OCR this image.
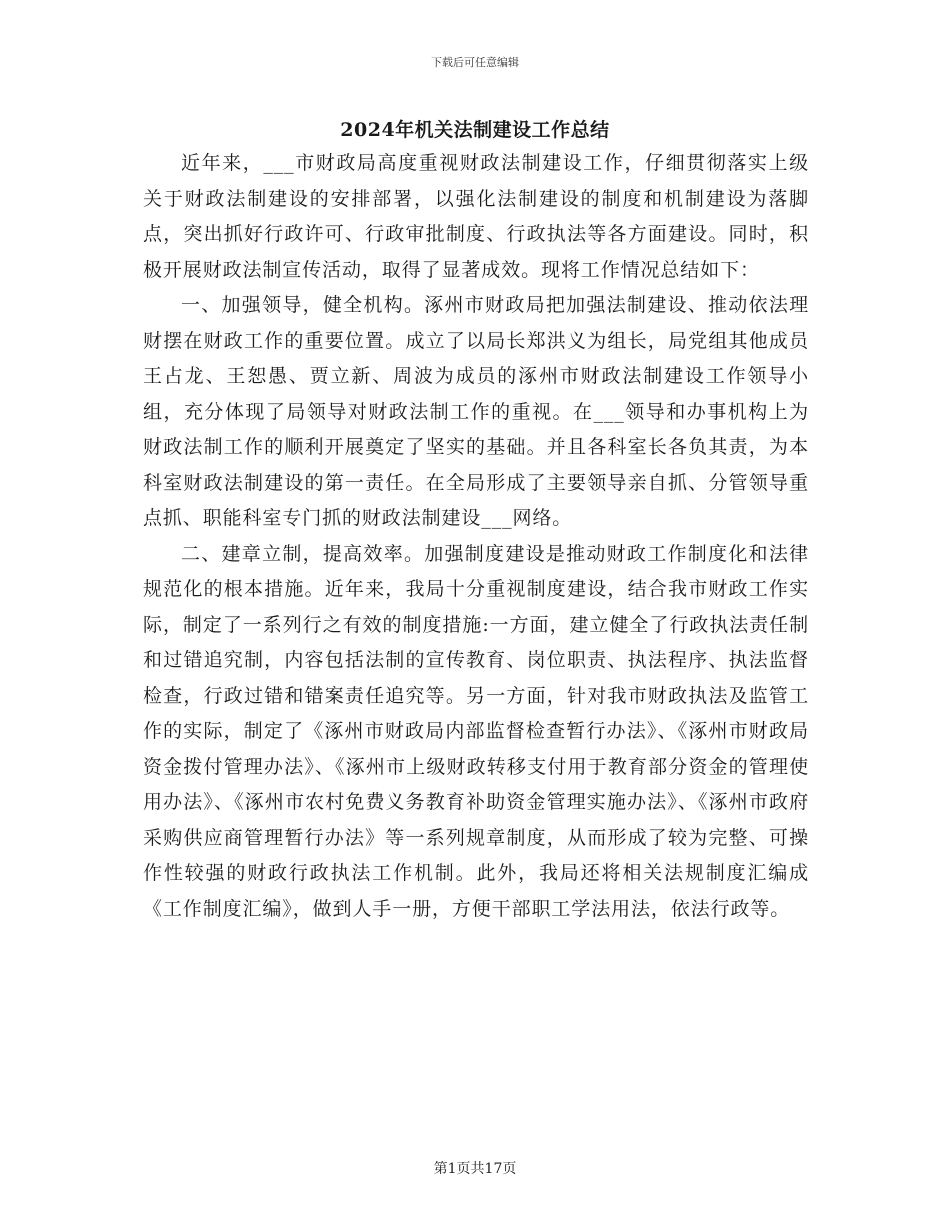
下载后可任意编辑
2024年机关法制建设工作总结

近年来，___市财政局高度重视财政法制建设工作，仔细贯彻落实上级关于财政法制建设的安排部署，以强化法制建设的制度和机制建设为落脚点，突出抓好行政许可、行政审批制度、行政执法等各方面建设。同时，积极开展财政法制宣传活动，取得了显著成效。现将工作情况总结如下：

一、加强领导，健全机构。涿州市财政局把加强法制建设、推动依法理财摆在财政工作的重要位置。成立了以局长郑洪义为组长，局党组其他成员王占龙、王恕愚、贾立新、周波为成员的涿州市财政法制建设工作领导小组，充分体现了局领导对财政法制工作的重视。在___领导和办事机构上为财政法制工作的顺利开展奠定了坚实的基础。并且各科室长各负其责，为本科室财政法制建设的第一责任。在全局形成了主要领导亲自抓、分管领导重点抓、职能科室专门抓的财政法制建设___网络。

二、建章立制，提高效率。加强制度建设是推动财政工作制度化和法律规范化的根本措施。近年来，我局十分重视制度建设，结合我市财政工作实际，制定了一系列行之有效的制度措施:一方面，建立健全了行政执法责任制和过错追究制，内容包括法制的宣传教育、岗位职责、执法程序、执法监督检查，行政过错和错案责任追究等。另一方面，针对我市财政执法及监管工作的实际，制定了《涿州市财政局内部监督检查暂行办法》、《涿州市财政局资金拨付管理办法》、《涿州市上级财政转移支付用于教育部分资金的管理使用办法》、《涿州市农村免费义务教育补助资金管理实施办法》、《涿州市政府采购供应商管理暂行办法》等一系列规章制度，从而形成了较为完整、可操作性较强的财政行政执法工作机制。此外，我局还将相关法规制度汇编成《工作制度汇编》，做到人手一册，方便干部职工学法用法，依法行政等。

第1页共17页
